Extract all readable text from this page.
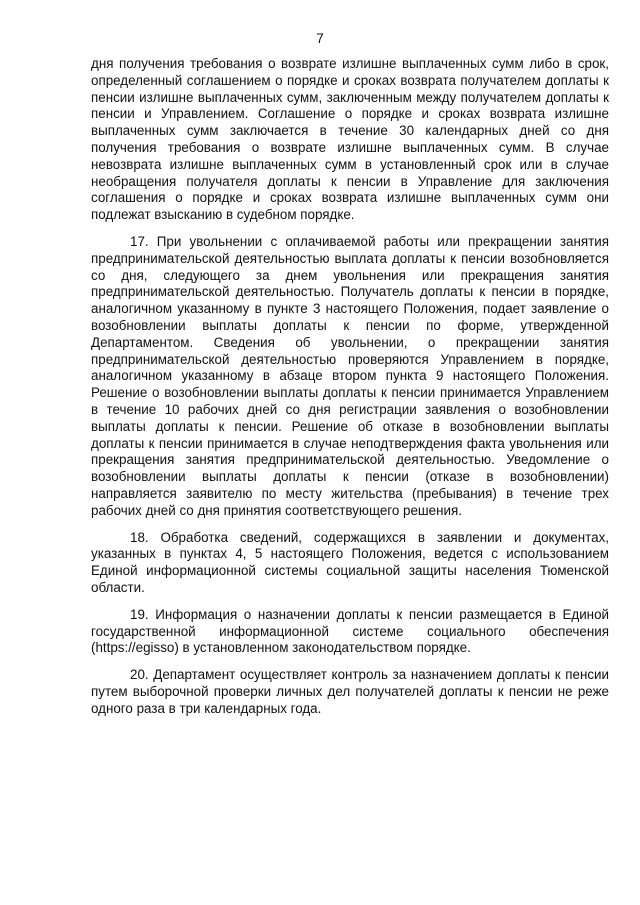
7

дня получения требования о возврате излишне выплаченных сумм либо в срок, определенный соглашением о порядке и сроках возврата получателем доплаты к пенсии излишне выплаченных сумм, заключенным между получателем доплаты к пенсии и Управлением. Соглашение о порядке и сроках возврата излишне выплаченных сумм заключается в течение 30 календарных дней со дня получения требования о возврате излишне выплаченных сумм. В случае невозврата излишне выплаченных сумм в установленный срок или в случае необращения получателя доплаты к пенсии в Управление для заключения соглашения о порядке и сроках возврата излишне выплаченных сумм они подлежат взысканию в судебном порядке.

17. При увольнении с оплачиваемой работы или прекращении занятия предпринимательской деятельностью выплата доплаты к пенсии возобновляется со дня, следующего за днем увольнения или прекращения занятия предпринимательской деятельностью. Получатель доплаты к пенсии в порядке, аналогичном указанному в пункте 3 настоящего Положения, подает заявление о возобновлении выплаты доплаты к пенсии по форме, утвержденной Департаментом. Сведения об увольнении, о прекращении занятия предпринимательской деятельностью проверяются Управлением в порядке, аналогичном указанному в абзаце втором пункта 9 настоящего Положения. Решение о возобновлении выплаты доплаты к пенсии принимается Управлением в течение 10 рабочих дней со дня регистрации заявления о возобновлении выплаты доплаты к пенсии. Решение об отказе в возобновлении выплаты доплаты к пенсии принимается в случае неподтверждения факта увольнения или прекращения занятия предпринимательской деятельностью. Уведомление о возобновлении выплаты доплаты к пенсии (отказе в возобновлении) направляется заявителю по месту жительства (пребывания) в течение трех рабочих дней со дня принятия соответствующего решения.

18. Обработка сведений, содержащихся в заявлении и документах, указанных в пунктах 4, 5 настоящего Положения, ведется с использованием Единой информационной системы социальной защиты населения Тюменской области.

19. Информация о назначении доплаты к пенсии размещается в Единой государственной информационной системе социального обеспечения (https://egisso) в установленном законодательством порядке.

20. Департамент осуществляет контроль за назначением доплаты к пенсии путем выборочной проверки личных дел получателей доплаты к пенсии не реже одного раза в три календарных года.
